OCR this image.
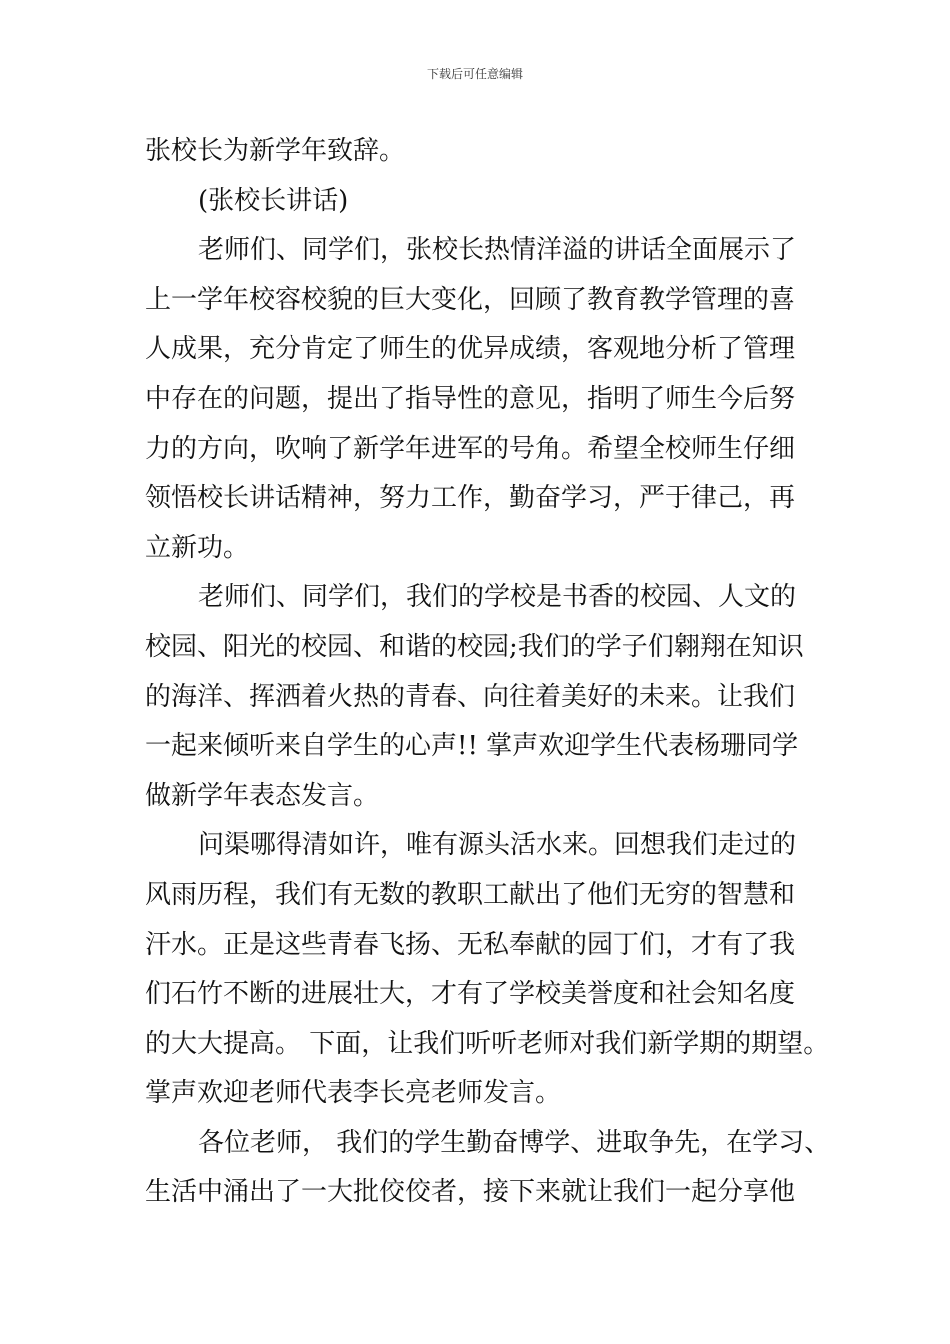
下载后可任意编辑
张校长为新学年致辞。
(张校长讲话)
老师们、同学们，张校长热情洋溢的讲话全面展示了
上一学年校容校貌的巨大变化，回顾了教育教学管理的喜
人成果，充分肯定了师生的优异成绩，客观地分析了管理
中存在的问题，提出了指导性的意见，指明了师生今后努
力的方向，吹响了新学年进军的号角。希望全校师生仔细
领悟校长讲话精神，努力工作，勤奋学习，严于律己，再
立新功。
老师们、同学们，我们的学校是书香的校园、人文的
校园、阳光的校园、和谐的校园;我们的学子们翱翔在知识
的海洋、挥洒着火热的青春、向往着美好的未来。让我们
一起来倾听来自学生的心声!! 掌声欢迎学生代表杨珊同学
做新学年表态发言。
问渠哪得清如许，唯有源头活水来。回想我们走过的
风雨历程，我们有无数的教职工献出了他们无穷的智慧和
汗水。正是这些青春飞扬、无私奉献的园丁们，才有了我
们石竹不断的进展壮大，才有了学校美誉度和社会知名度
的大大提高。 下面，让我们听听老师对我们新学期的期望。
掌声欢迎老师代表李长亮老师发言。
各位老师， 我们的学生勤奋博学、进取争先，在学习、
生活中涌出了一大批佼佼者，接下来就让我们一起分享他
